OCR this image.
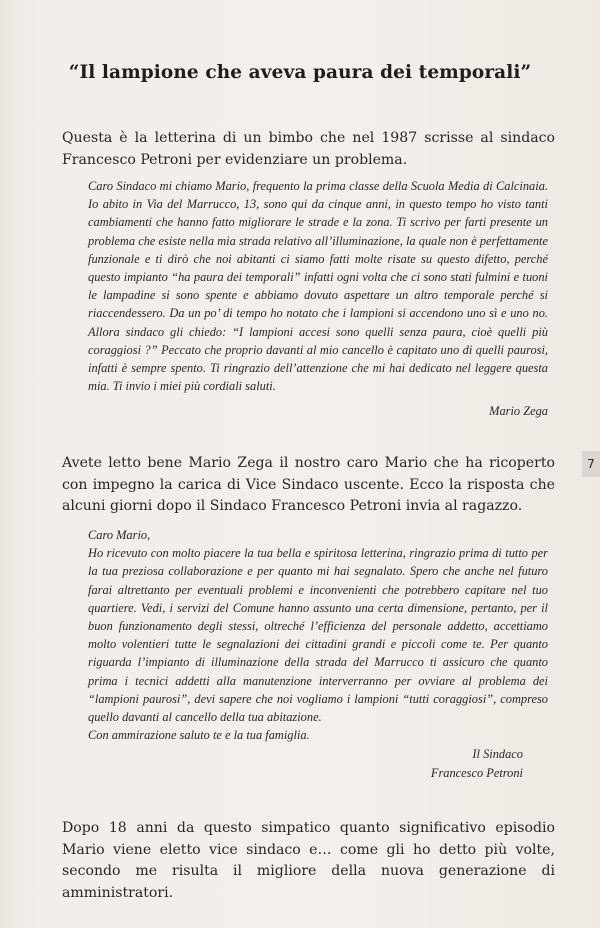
“Il lampione che aveva paura dei temporali”

Questa è la letterina di un bimbo che nel 1987 scrisse al sindaco Francesco Petroni per evidenziare un problema.

Caro Sindaco mi chiamo Mario, frequento la prima classe della Scuola Media di Calcinaia. Io abito in Via del Marrucco, 13, sono qui da cinque anni, in questo tempo ho visto tanti cambiamenti che hanno fatto migliorare le strade e la zona. Ti scrivo per farti presente un problema che esiste nella mia strada relativo all’illuminazione, la quale non è perfettamente funzionale e ti dirò che noi abitanti ci siamo fatti molte risate su questo difetto, perché questo impianto “ha paura dei temporali” infatti ogni volta che ci sono stati fulmini e tuoni le lampadine si sono spente e abbiamo dovuto aspettare un altro temporale perché si riaccendessero. Da un po’ di tempo ho notato che i lampioni si accendono uno sì e uno no. Allora sindaco gli chiedo: “I lampioni accesi sono quelli senza paura, cioè quelli più coraggiosi ?” Peccato che proprio davanti al mio cancello è capitato uno di quelli paurosi, infatti è sempre spento. Ti ringrazio dell’attenzione che mi hai dedicato nel leggere questa mia. Ti invio i miei più cordiali saluti.

Mario Zega

Avete letto bene Mario Zega il nostro caro Mario che ha ricoperto con impegno la carica di Vice Sindaco uscente. Ecco la risposta che alcuni giorni dopo il Sindaco Francesco Petroni invia al ragazzo.

Caro Mario,

Ho ricevuto con molto piacere la tua bella e spiritosa letterina, ringrazio prima di tutto per la tua preziosa collaborazione e per quanto mi hai segnalato. Spero che anche nel futuro farai altrettanto per eventuali problemi e inconvenienti che potrebbero capitare nel tuo quartiere. Vedi, i servizi del Comune hanno assunto una certa dimensione, pertanto, per il buon funzionamento degli stessi, oltreché l’efficienza del personale addetto, accettiamo molto volentieri tutte le segnalazioni dei cittadini grandi e piccoli come te. Per quanto riguarda l’impianto di illuminazione della strada del Marrucco ti assicuro che quanto prima i tecnici addetti alla manutenzione interverranno per ovviare al problema dei “lampioni paurosi”, devi sapere che noi vogliamo i lampioni “tutti coraggiosi”, compreso quello davanti al cancello della tua abitazione.

Con ammirazione saluto te e la tua famiglia.

Il Sindaco

Francesco Petroni

Dopo 18 anni da questo simpatico quanto significativo episodio Mario viene eletto vice sindaco e… come gli ho detto più volte, secondo me risulta il migliore della nuova generazione di amministratori.

7
